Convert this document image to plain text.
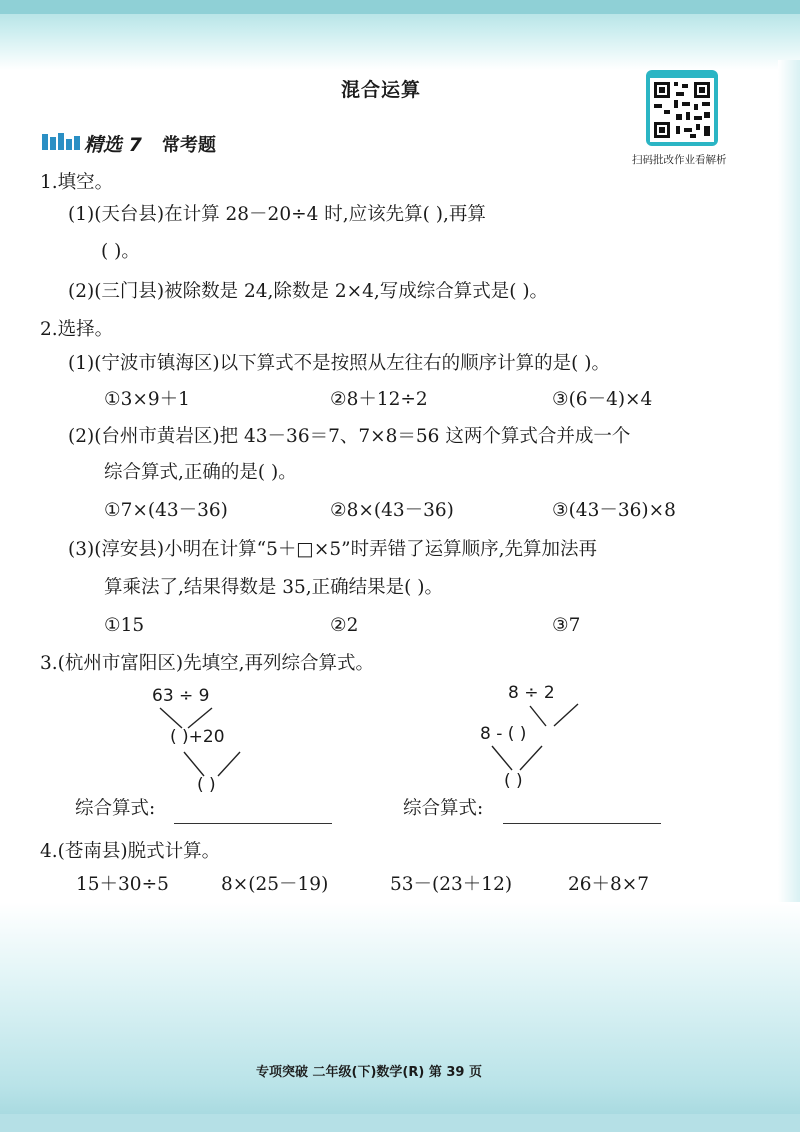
混合运算
精选 7 常考题
扫码批改作业看解析
1.填空。
(1)(天台县)在计算 28－20÷4 时,应该先算( ),再算
( )。
(2)(三门县)被除数是 24,除数是 2×4,写成综合算式是( )。
2.选择。
(1)(宁波市镇海区)以下算式不是按照从左往右的顺序计算的是( )。
①3×9＋1	②8＋12÷2	③(6－4)×4
(2)(台州市黄岩区)把 43－36＝7、7×8＝56 这两个算式合并成一个
综合算式,正确的是( )。
①7×(43－36)	②8×(43－36)	③(43－36)×8
(3)(淳安县)小明在计算“5＋□×5”时弄错了运算顺序,先算加法再
算乘法了,结果得数是 35,正确结果是( )。
①15	②2	③7
3.(杭州市富阳区)先填空,再列综合算式。
63 ÷ 9
( )+20
( )
综合算式:
8 ÷ 2
8 - ( )
( )
综合算式:
4.(苍南县)脱式计算。
15＋30÷5	8×(25－19)	53－(23＋12)	26＋8×7
专项突破 二年级(下)数学(R) 第 39 页
